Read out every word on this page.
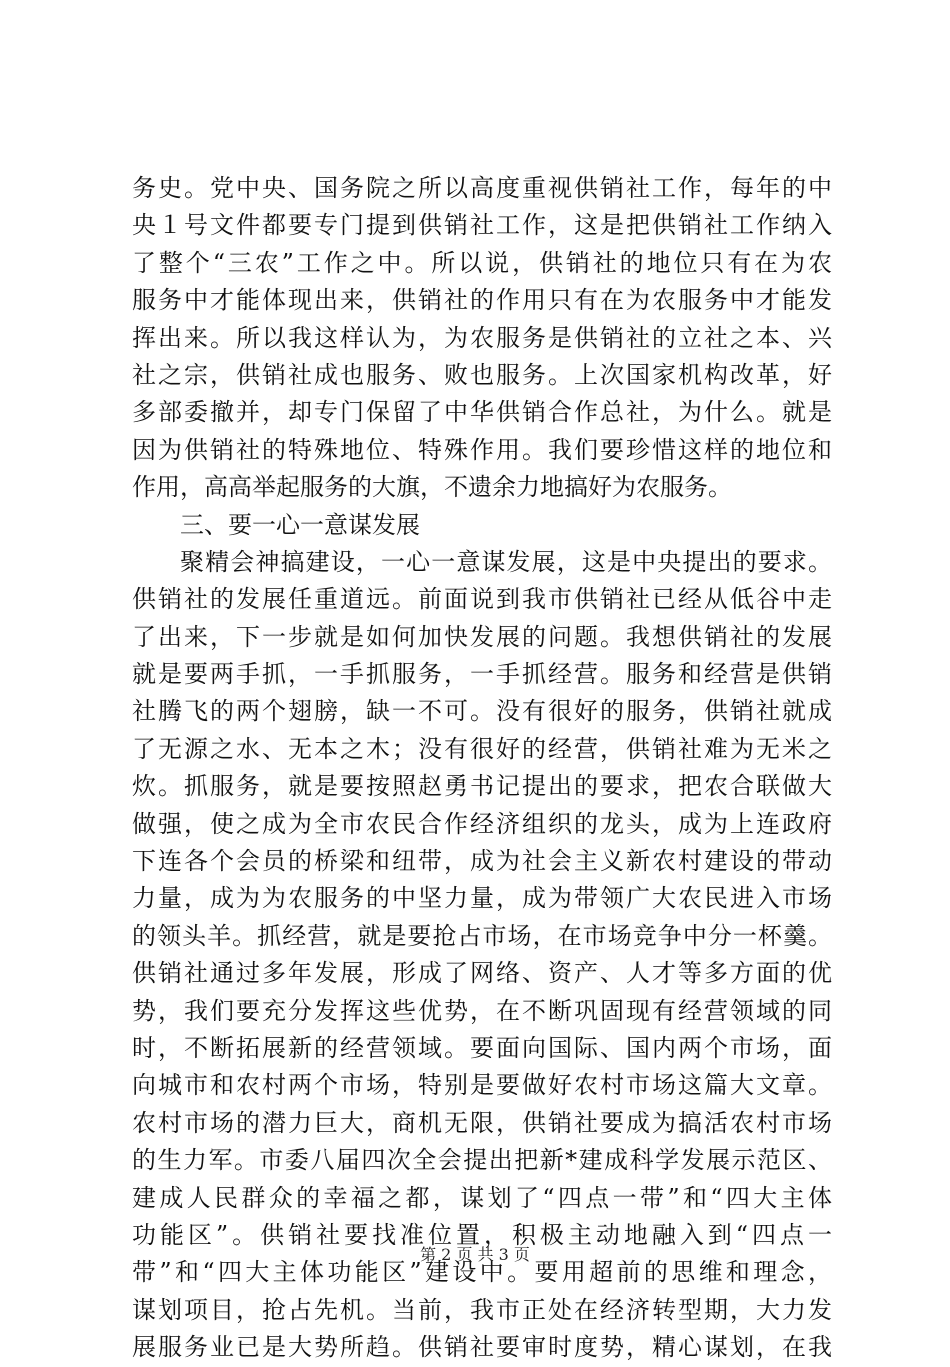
务史。党中央、国务院之所以高度重视供销社工作，每年的中
央１号文件都要专门提到供销社工作，这是把供销社工作纳入
了整个“三农”工作之中。所以说，供销社的地位只有在为农
服务中才能体现出来，供销社的作用只有在为农服务中才能发
挥出来。所以我这样认为，为农服务是供销社的立社之本、兴
社之宗，供销社成也服务、败也服务。上次国家机构改革，好
多部委撤并，却专门保留了中华供销合作总社，为什么。就是
因为供销社的特殊地位、特殊作用。我们要珍惜这样的地位和
作用，高高举起服务的大旗，不遗余力地搞好为农服务。
三、要一心一意谋发展
聚精会神搞建设，一心一意谋发展，这是中央提出的要求。
供销社的发展任重道远。前面说到我市供销社已经从低谷中走
了出来，下一步就是如何加快发展的问题。我想供销社的发展
就是要两手抓，一手抓服务，一手抓经营。服务和经营是供销
社腾飞的两个翅膀，缺一不可。没有很好的服务，供销社就成
了无源之水、无本之木；没有很好的经营，供销社难为无米之
炊。抓服务，就是要按照赵勇书记提出的要求，把农合联做大
做强，使之成为全市农民合作经济组织的龙头，成为上连政府
下连各个会员的桥梁和纽带，成为社会主义新农村建设的带动
力量，成为为农服务的中坚力量，成为带领广大农民进入市场
的领头羊。抓经营，就是要抢占市场，在市场竞争中分一杯羹。
供销社通过多年发展，形成了网络、资产、人才等多方面的优
势，我们要充分发挥这些优势，在不断巩固现有经营领域的同
时，不断拓展新的经营领域。要面向国际、国内两个市场，面
向城市和农村两个市场，特别是要做好农村市场这篇大文章。
农村市场的潜力巨大，商机无限，供销社要成为搞活农村市场
的生力军。市委八届四次全会提出把新*建成科学发展示范区、
建成人民群众的幸福之都，谋划了“四点一带”和“四大主体
功能区”。供销社要找准位置，积极主动地融入到“四点一
带”和“四大主体功能区”建设中。要用超前的思维和理念，
谋划项目，抢占先机。当前，我市正处在经济转型期，大力发
展服务业已是大势所趋。供销社要审时度势，精心谋划，在我
第 2 页 共 3 页
